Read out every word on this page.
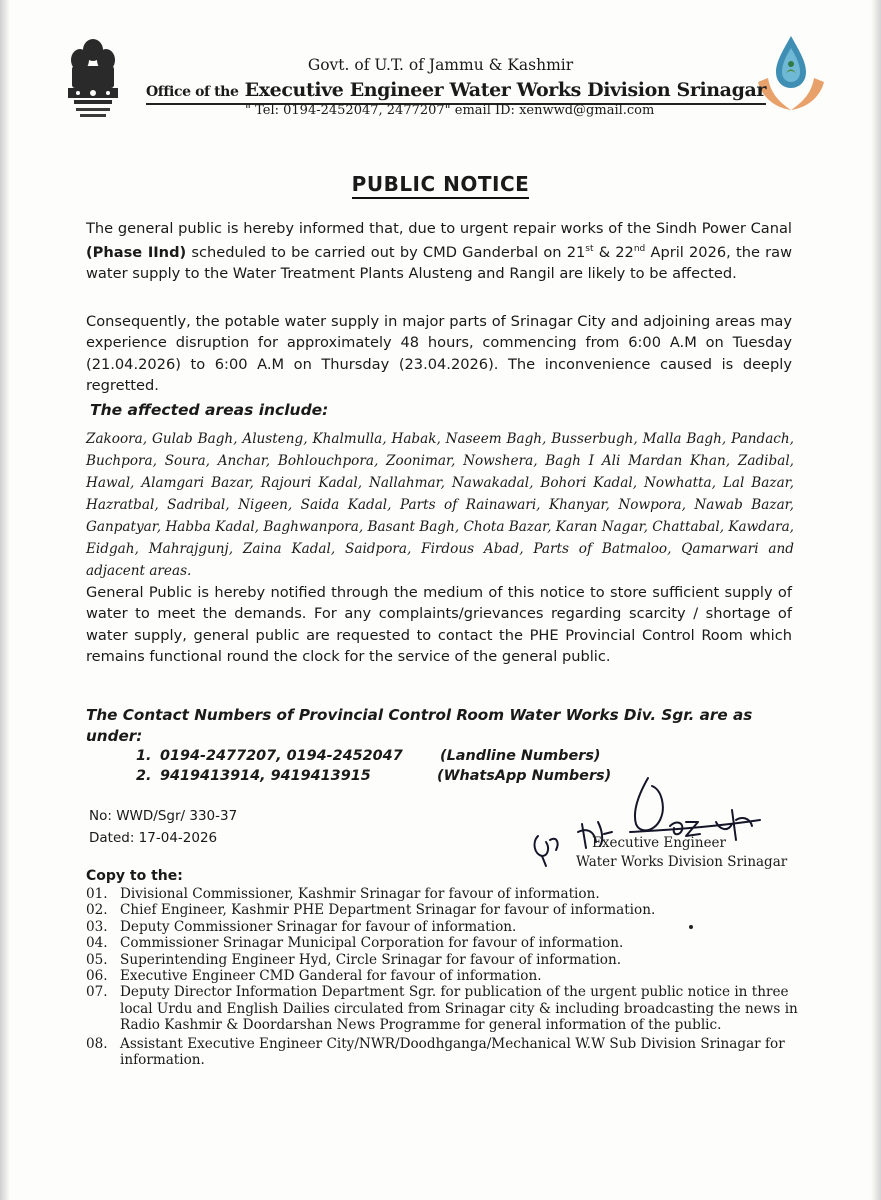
Govt. of U.T. of Jammu & Kashmir
Office of the Executive Engineer Water Works Division Srinagar
" Tel: 0194-2452047, 2477207" email ID: xenwwd@gmail.com
PUBLIC NOTICE

The general public is hereby informed that, due to urgent repair works of the Sindh Power Canal (Phase IInd) scheduled to be carried out by CMD Ganderbal on 21st & 22nd April 2026, the raw water supply to the Water Treatment Plants Alusteng and Rangil are likely to be affected.

Consequently, the potable water supply in major parts of Srinagar City and adjoining areas may experience disruption for approximately 48 hours, commencing from 6:00 A.M on Tuesday (21.04.2026) to 6:00 A.M on Thursday (23.04.2026). The inconvenience caused is deeply regretted.

The affected areas include:

Zakoora, Gulab Bagh, Alusteng, Khalmulla, Habak, Naseem Bagh, Busserbugh, Malla Bagh, Pandach, Buchpora, Soura, Anchar, Bohlouchpora, Zoonimar, Nowshera, Bagh I Ali Mardan Khan, Zadibal, Hawal, Alamgari Bazar, Rajouri Kadal, Nallahmar, Nawakadal, Bohori Kadal, Nowhatta, Lal Bazar, Hazratbal, Sadribal, Nigeen, Saida Kadal, Parts of Rainawari, Khanyar, Nowpora, Nawab Bazar, Ganpatyar, Habba Kadal, Baghwanpora, Basant Bagh, Chota Bazar, Karan Nagar, Chattabal, Kawdara, Eidgah, Mahrajgunj, Zaina Kadal, Saidpora, Firdous Abad, Parts of Batmaloo, Qamarwari and adjacent areas.

General Public is hereby notified through the medium of this notice to store sufficient supply of water to meet the demands. For any complaints/grievances regarding scarcity / shortage of water supply, general public are requested to contact the PHE Provincial Control Room which remains functional round the clock for the service of the general public.

The Contact Numbers of Provincial Control Room Water Works Div. Sgr. are as under:

1. 0194-2477207, 0194-2452047	(Landline Numbers)
2. 9419413914, 9419413915	(WhatsApp Numbers)
No: WWD/Sgr/ 330-37
Dated: 17-04-2026	Executive Engineer
Water Works Division Srinagar
Copy to the:
01. Divisional Commissioner, Kashmir Srinagar for favour of information.
02. Chief Engineer, Kashmir PHE Department Srinagar for favour of information.
03. Deputy Commissioner Srinagar for favour of information.
04. Commissioner Srinagar Municipal Corporation for favour of information.
05. Superintending Engineer Hyd, Circle Srinagar for favour of information.
06. Executive Engineer CMD Ganderal for favour of information.
07. Deputy Director Information Department Sgr. for publication of the urgent public notice in three local Urdu and English Dailies circulated from Srinagar city & including broadcasting the news in Radio Kashmir & Doordarshan News Programme for general information of the public.
08. Assistant Executive Engineer City/NWR/Doodhganga/Mechanical W.W Sub Division Srinagar for information.
